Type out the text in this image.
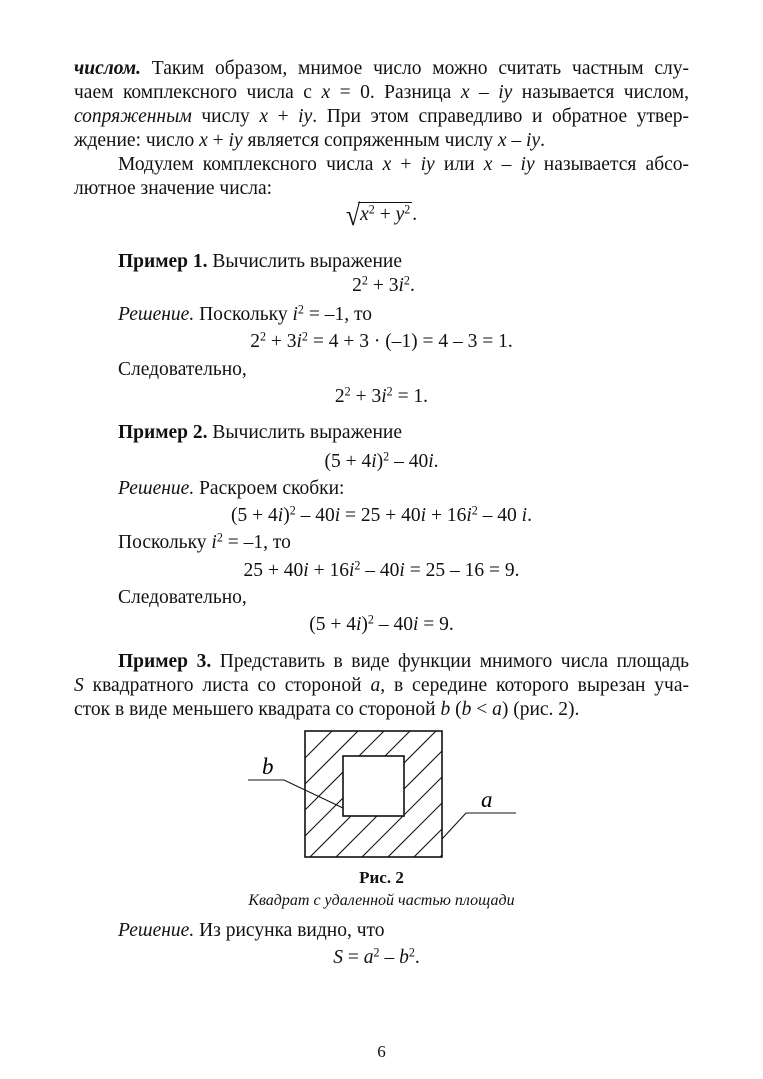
числом. Таким образом, мнимое число можно считать частным слу-
чаем комплексного числа с x = 0. Разница x – iy называется числом,
сопряженным числу x + iy. При этом справедливо и обратное утвер-
ждение: число x + iy является сопряженным числу x – iy.
Модулем комплексного числа x + iy или x – iy называется абсо-
лютное значение числа:
$√x^2 + y^2$ .
Пример 1. Вычислить выражение
$2^2 + 3i^2$.
Решение. Поскольку $i^2 = -1$, то
$2^2 + 3i^2 = 4 + 3 \cdot (-1) = 4 - 3 = 1$.
Следовательно,
$2^2 + 3i^2 = 1$.
Пример 2. Вычислить выражение
$(5 + 4i)^2 - 40i$.
Решение. Раскроем скобки:
$(5 + 4i)^2 - 40i = 25 + 40i + 16i^2 - 40$ i.
Поскольку $i^2 = -1$, то
$25 + 40i + 16i^2 - 40i = 25 - 16 = 9$.
Следовательно,
$(5 + 4i)^2 - 40i = 9$.
Пример 3. Представить в виде функции мнимого числа площадь
S квадратного листа со стороной a, в середине которого вырезан уча-
сток в виде меньшего квадрата со стороной b (b < a) (рис. 2).
b
a
Рис. 2
Квадрат с удаленной частью площади
Решение. Из рисунка видно, что
$S = a^2 - b^2$.
6
